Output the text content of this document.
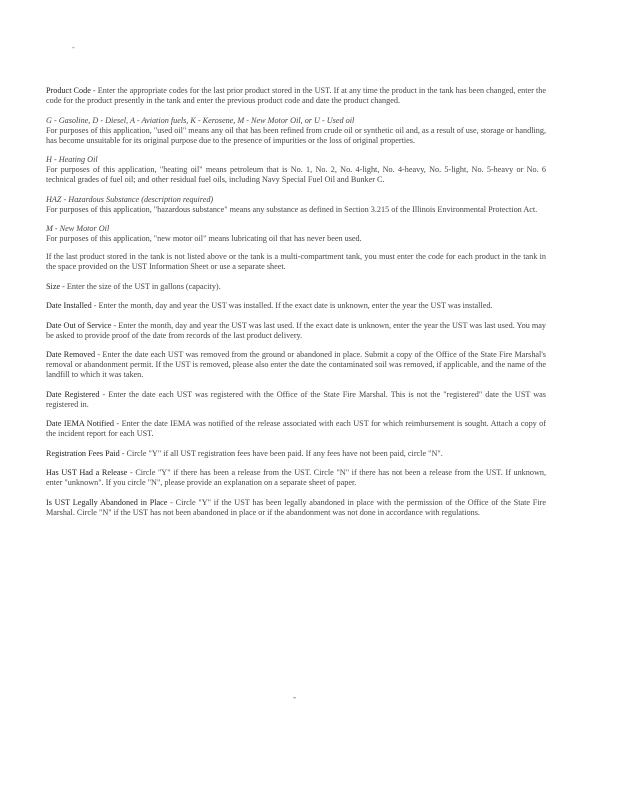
-

Product Code - Enter the appropriate codes for the last prior product stored in the UST. If at any time the product in the tank has been changed, enter the code for the product presently in the tank and enter the previous product code and date the product changed.

G - Gasoline, D - Diesel, A - Aviation fuels, K - Kerosene, M - New Motor Oil, or U - Used oil

For purposes of this application, "used oil" means any oil that has been refined from crude oil or synthetic oil and, as a result of use, storage or handling, has become unsuitable for its original purpose due to the presence of impurities or the loss of original properties.

H - Heating Oil

For purposes of this application, "heating oil" means petroleum that is No. 1, No. 2, No. 4-light, No. 4-heavy, No. 5-light, No. 5-heavy or No. 6 technical grades of fuel oil; and other residual fuel oils, including Navy Special Fuel Oil and Bunker C.

HAZ - Hazardous Substance (description required)

For purposes of this application, "hazardous substance" means any substance as defined in Section 3.215 of the Illinois Environmental Protection Act.

M - New Motor Oil

For purposes of this application, "new motor oil" means lubricating oil that has never been used.

If the last product stored in the tank is not listed above or the tank is a multi-compartment tank, you must enter the code for each product in the tank in the space provided on the UST Information Sheet or use a separate sheet.

Size - Enter the size of the UST in gallons (capacity).

Date Installed - Enter the month, day and year the UST was installed. If the exact date is unknown, enter the year the UST was installed.

Date Out of Service - Enter the month, day and year the UST was last used. If the exact date is unknown, enter the year the UST was last used. You may be asked to provide proof of the date from records of the last product delivery.

Date Removed - Enter the date each UST was removed from the ground or abandoned in place. Submit a copy of the Office of the State Fire Marshal's removal or abandonment permit. If the UST is removed, please also enter the date the contaminated soil was removed, if applicable, and the name of the landfill to which it was taken.

Date Registered - Enter the date each UST was registered with the Office of the State Fire Marshal. This is not the "registered" date the UST was registered in.

Date IEMA Notified - Enter the date IEMA was notified of the release associated with each UST for which reimbursement is sought. Attach a copy of the incident report for each UST.

Registration Fees Paid - Circle "Y" if all UST registration fees have been paid. If any fees have not been paid, circle "N".

Has UST Had a Release - Circle "Y" if there has been a release from the UST. Circle "N" if there has not been a release from the UST. If unknown, enter "unknown". If you circle "N", please provide an explanation on a separate sheet of paper.

Is UST Legally Abandoned in Place - Circle "Y" if the UST has been legally abandoned in place with the permission of the Office of the State Fire Marshal. Circle "N" if the UST has not been abandoned in place or if the abandonment was not done in accordance with regulations.

-
